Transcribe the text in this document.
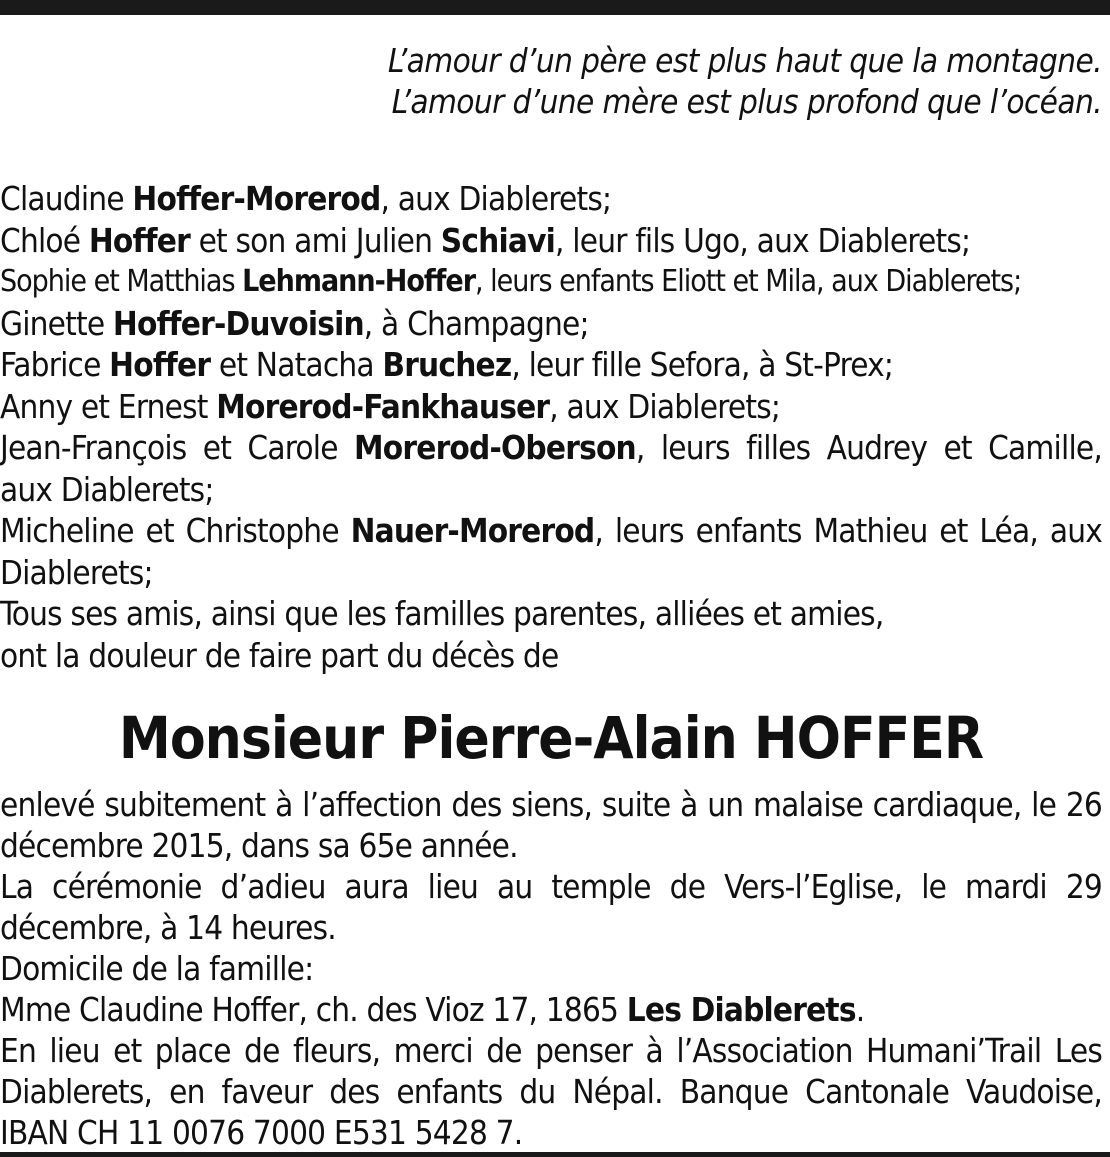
L’amour d’un père est plus haut que la montagne.
L’amour d’une mère est plus profond que l’océan.
Claudine Hoffer-Morerod, aux Diablerets;
Chloé Hoffer et son ami Julien Schiavi, leur fils Ugo, aux Diablerets;
Sophie et Matthias Lehmann-Hoffer, leurs enfants Eliott et Mila, aux Diablerets;
Ginette Hoffer-Duvoisin, à Champagne;
Fabrice Hoffer et Natacha Bruchez, leur fille Sefora, à St-Prex;
Anny et Ernest Morerod-Fankhauser, aux Diablerets;
Jean-François et Carole Morerod-Oberson, leurs filles Audrey et Camille,
aux Diablerets;
Micheline et Christophe Nauer-Morerod, leurs enfants Mathieu et Léa, aux
Diablerets;
Tous ses amis, ainsi que les familles parentes, alliées et amies,
ont la douleur de faire part du décès de
Monsieur Pierre-Alain HOFFER
enlevé subitement à l’affection des siens, suite à un malaise cardiaque, le 26 décembre 2015, dans sa 65e année.
La cérémonie d’adieu aura lieu au temple de Vers-l’Eglise, le mardi 29 décembre, à 14 heures.
Domicile de la famille:
Mme Claudine Hoffer, ch. des Vioz 17, 1865 Les Diablerets.
En lieu et place de fleurs, merci de penser à l’Association Humani’Trail Les Diablerets, en faveur des enfants du Népal. Banque Cantonale Vaudoise, IBAN CH 11 0076 7000 E531 5428 7.
